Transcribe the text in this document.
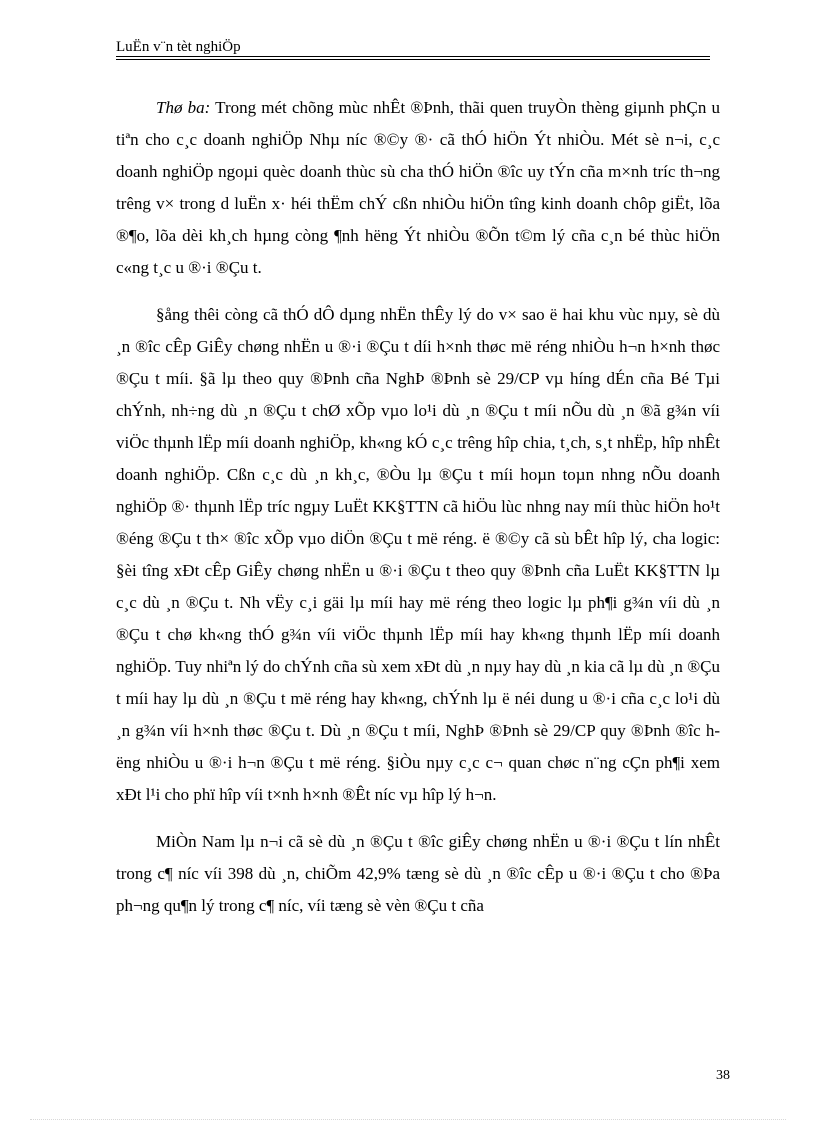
LuËn v¨n tèt nghiÖp

Thø ba: Trong mét chõng mùc nhÊt ®Þnh, thãi quen truyÒn thèng giµnh phÇn u tiªn cho c¸c doanh nghiÖp Nhµ níc ®©y ®· cã thÓ hiÖn Ýt nhiÒu. Mét sè n¬i, c¸c doanh nghiÖp ngoµi quèc doanh thùc sù cha thÓ hiÖn ®îc uy tÝn cña m×nh tríc th¬ng trêng v× trong d luËn x· héi thËm chÝ cßn nhiÒu hiÖn tîng kinh doanh chôp giËt, lõa ®¶o, lõa dèi kh¸ch hµng còng ¶nh hëng Ýt nhiÒu ®Õn t©m lý cña c¸n bé thùc hiÖn c«ng t¸c u ®·i ®Çu t.

§ång thêi còng cã thÓ dÔ dµng nhËn thÊy lý do v× sao ë hai khu vùc nµy, sè dù ¸n ®îc cÊp GiÊy chøng nhËn u ®·i ®Çu t díi h×nh thøc më réng nhiÒu h¬n h×nh thøc ®Çu t míi. §ã lµ theo quy ®Þnh cña NghÞ ®Þnh sè 29/CP vµ híng dÉn cña Bé Tµi chÝnh, nh÷ng dù ¸n ®Çu t chØ xÕp vµo lo¹i dù ¸n ®Çu t míi nÕu dù ¸n ®ã g¾n víi viÖc thµnh lËp míi doanh nghiÖp, kh«ng kÓ c¸c trêng hîp chia, t¸ch, s¸t nhËp, hîp nhÊt doanh nghiÖp. Cßn c¸c dù ¸n kh¸c, ®Òu lµ ®Çu t míi hoµn toµn nhng nÕu doanh nghiÖp ®· thµnh lËp tríc ngµy LuËt KK§TTN cã hiÖu lùc nhng nay míi thùc hiÖn ho¹t ®éng ®Çu t th× ®îc xÕp vµo diÖn ®Çu t më réng. ë ®©y cã sù bÊt hîp lý, cha logic: §èi tîng xÐt cÊp GiÊy chøng nhËn u ®·i ®Çu t theo quy ®Þnh cña LuËt KK§TTN lµ c¸c dù ¸n ®Çu t. Nh vËy c¸i gäi lµ míi hay më réng theo logic lµ ph¶i g¾n víi dù ¸n ®Çu t chø kh«ng thÓ g¾n víi viÖc thµnh lËp míi hay kh«ng thµnh lËp míi doanh nghiÖp. Tuy nhiªn lý do chÝnh cña sù xem xÐt dù ¸n nµy hay dù ¸n kia cã lµ dù ¸n ®Çu t míi hay lµ dù ¸n ®Çu t më réng hay kh«ng, chÝnh lµ ë néi dung u ®·i cña c¸c lo¹i dù ¸n g¾n víi h×nh thøc ®Çu t. Dù ¸n ®Çu t míi, NghÞ ®Þnh sè 29/CP quy ®Þnh ®îc hëng nhiÒu u ®·i h¬n ®Çu t më réng. §iÒu nµy c¸c c¬ quan chøc n¨ng cÇn ph¶i xem xÐt l¹i cho phï hîp víi t×nh h×nh ®Êt níc vµ hîp lý h¬n.

MiÒn Nam lµ n¬i cã sè dù ¸n ®Çu t ®îc giÊy chøng nhËn u ®·i ®Çu t lín nhÊt trong c¶ níc víi 398 dù ¸n, chiÕm 42,9% tæng sè dù ¸n ®îc cÊp u ®·i ®Çu t cho ®Þa ph¬ng qu¶n lý trong c¶ níc, víi tæng sè vèn ®Çu t cña

38
